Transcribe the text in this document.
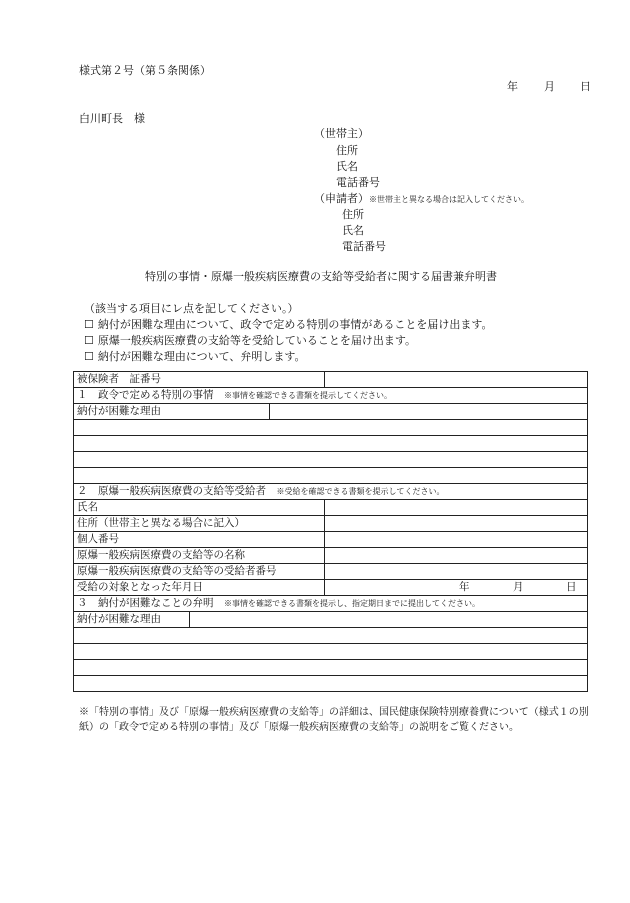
様式第２号（第５条関係）
年 月 日
白川町長　様
（世帯主）
住所
氏名
電話番号
（申請者）※世帯主と異なる場合は記入してください。
住所
氏名
電話番号
特別の事情・原爆一般疾病医療費の支給等受給者に関する届書兼弁明書
（該当する項目にレ点を記してください。）
☐ 納付が困難な理由について、政令で定める特別の事情があることを届け出ます。
☐ 原爆一般疾病医療費の支給等を受給していることを届け出ます。
☐ 納付が困難な理由について、弁明します。
被保険者　証番号			
１　政令で定める特別の事情　 ※事情を確認できる書類を提示してください。			
納付が困難な理由			

２　原爆一般疾病医療費の支給等受給者　 ※受給を確認できる書類を提示してください。			
氏名			
住所（世帯主と異なる場合に記入）			
個人番号			
原爆一般疾病医療費の支給等の名称			
原爆一般疾病医療費の支給等の受給者番号			
受給の対象となった年月日			年 月 日

３　納付が困難なことの弁明　 ※事情を確認できる書類を提示し、指定期日までに提出してください。			
納付が困難な理由			

※「特別の事情」及び「原爆一般疾病医療費の支給等」の詳細は、国民健康保険特別療養費について（様式１の別紙）の「政令で定める特別の事情」及び「原爆一般疾病医療費の支給等」の説明をご覧ください。
